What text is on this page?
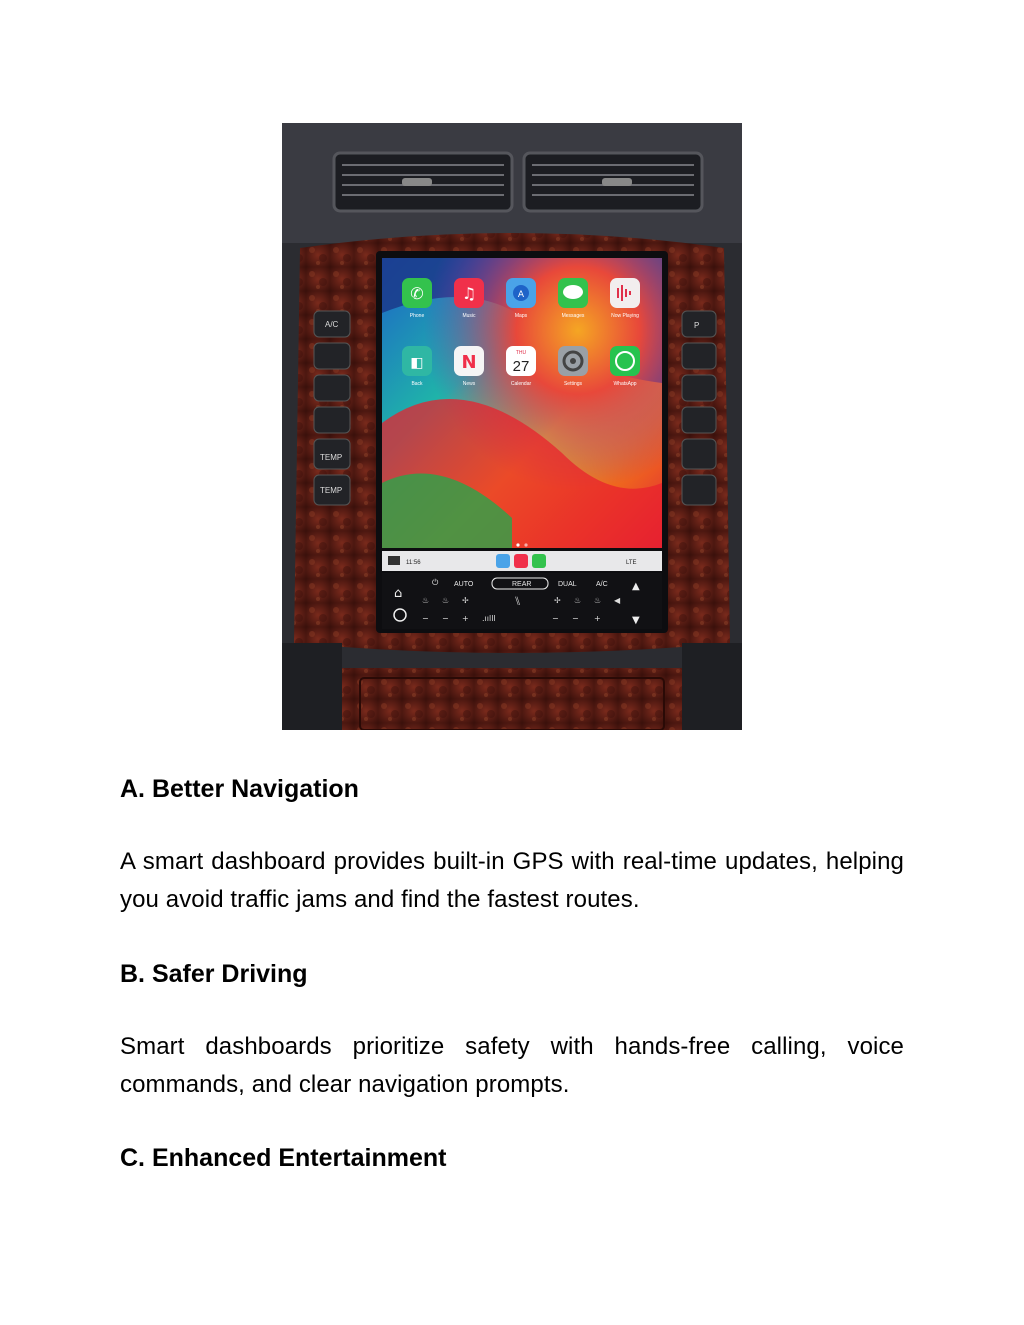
A/C
TEMP
TEMP
P
✆
Phone
♫
Music
A
Maps	Messages	Now Playing
◧
Back
N
News
THU
27
Calendar	Settings	WhatsApp
11:56	LTE
⌂
⏻ AUTO	REAR	DUAL	A/C ▲
▼
♨ ♨ ✢	⑊	✢ ♨ ♨ ◀
− − + .ıılll	− − +
A. Better Navigation
A smart dashboard provides built-in GPS with real-time updates, helping you avoid traffic jams and find the fastest routes.
B. Safer Driving
Smart dashboards prioritize safety with hands-free calling, voice commands, and clear navigation prompts.
C. Enhanced Entertainment
